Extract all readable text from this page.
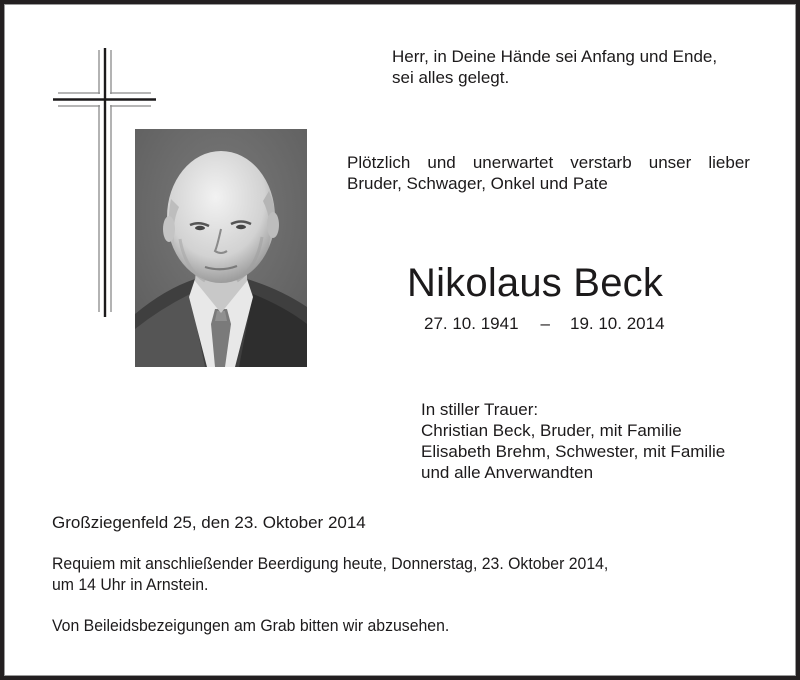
Herr, in Deine Hände sei Anfang und Ende,
sei alles gelegt.
Plötzlich und unerwartet verstarb unser lieber
Bruder, Schwager, Onkel und Pate
Nikolaus Beck
27. 10. 1941 – 19. 10. 2014
In stiller Trauer:
Christian Beck, Bruder, mit Familie
Elisabeth Brehm, Schwester, mit Familie
und alle Anverwandten
Großziegenfeld 25, den 23. Oktober 2014
Requiem mit anschließender Beerdigung heute, Donnerstag, 23. Oktober 2014,
um 14 Uhr in Arnstein.
Von Beileidsbezeigungen am Grab bitten wir abzusehen.
